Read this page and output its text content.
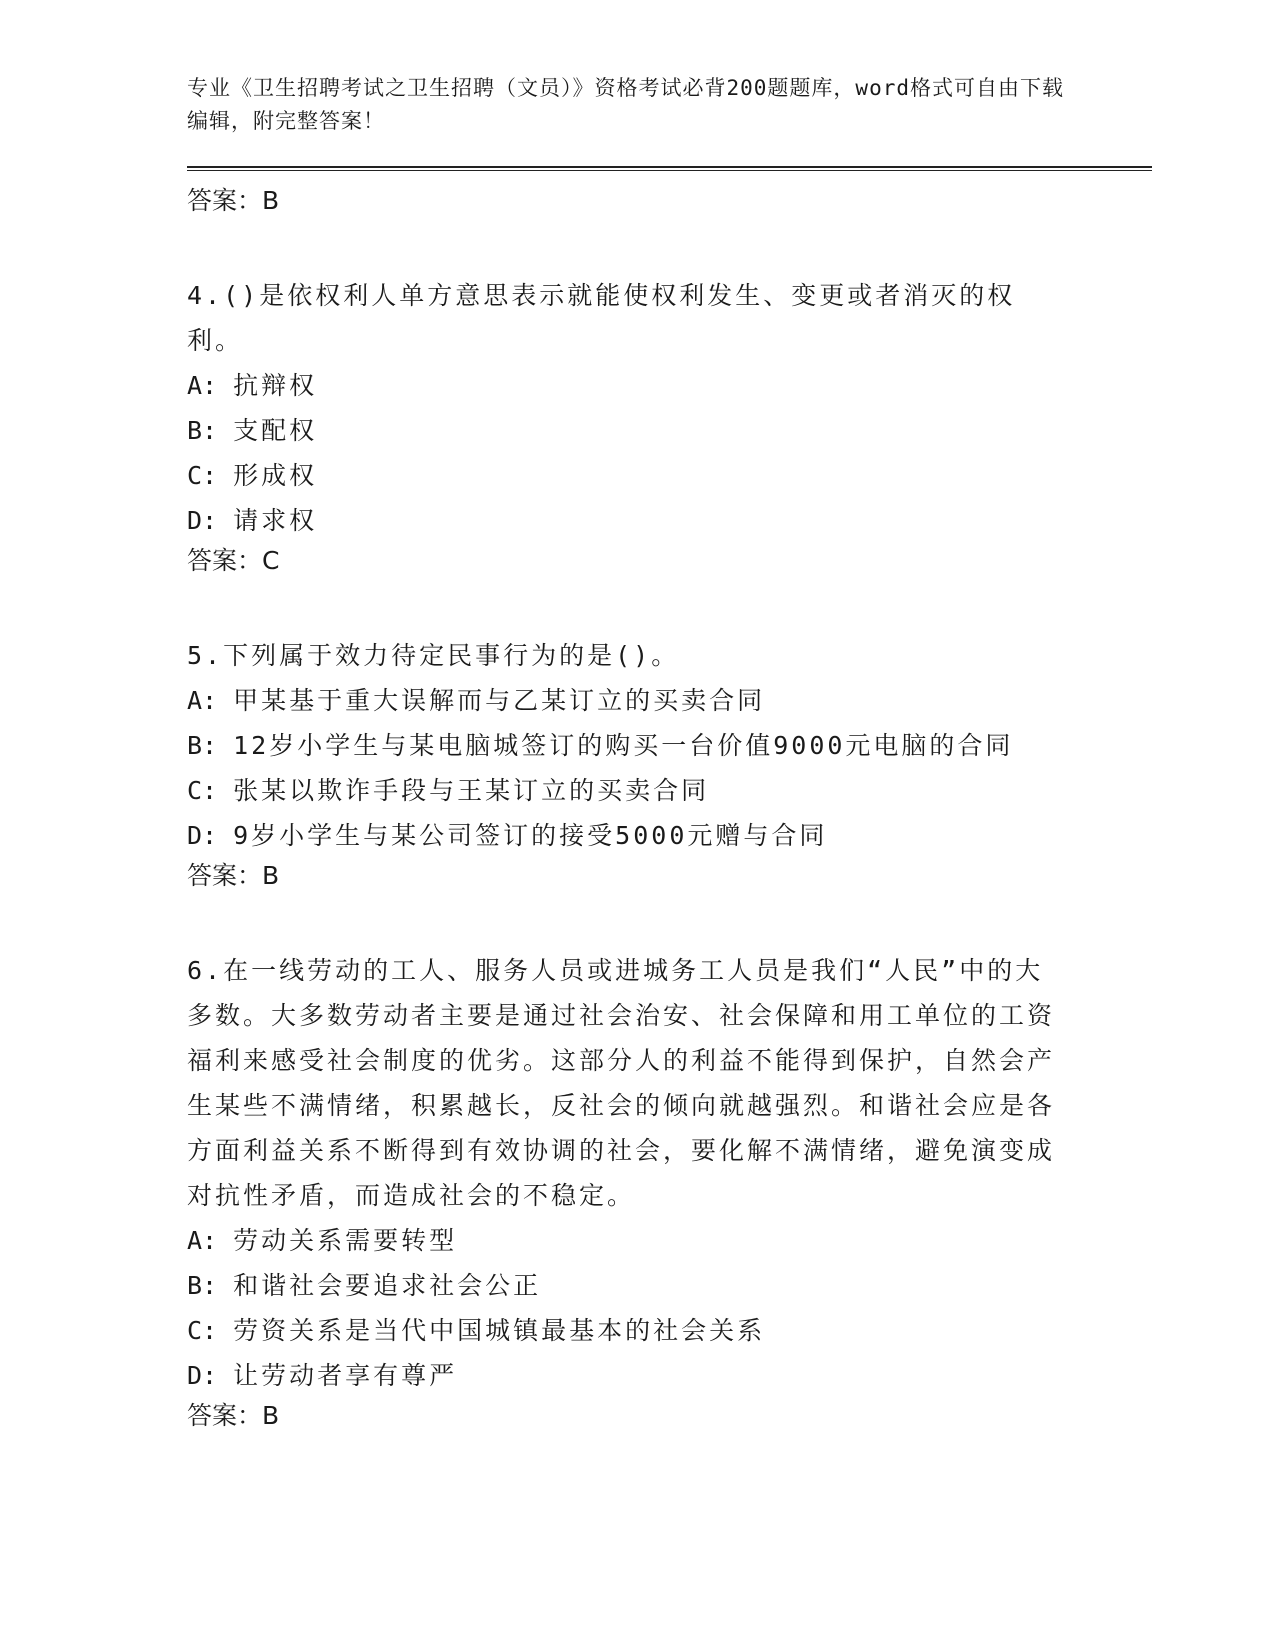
专业《卫生招聘考试之卫生招聘（文员）》资格考试必背200题题库，word格式可自由下载编辑，附完整答案！
答案：B
4.()是依权利人单方意思表示就能使权利发生、变更或者消灭的权利。
A: 抗辩权
B: 支配权
C: 形成权
D: 请求权
答案：C
5.下列属于效力待定民事行为的是()。
A: 甲某基于重大误解而与乙某订立的买卖合同
B: 12岁小学生与某电脑城签订的购买一台价值9000元电脑的合同
C: 张某以欺诈手段与王某订立的买卖合同
D: 9岁小学生与某公司签订的接受5000元赠与合同
答案：B
6.在一线劳动的工人、服务人员或进城务工人员是我们“人民”中的大多数。大多数劳动者主要是通过社会治安、社会保障和用工单位的工资福利来感受社会制度的优劣。这部分人的利益不能得到保护，自然会产生某些不满情绪，积累越长，反社会的倾向就越强烈。和谐社会应是各方面利益关系不断得到有效协调的社会，要化解不满情绪，避免演变成对抗性矛盾，而造成社会的不稳定。
A: 劳动关系需要转型
B: 和谐社会要追求社会公正
C: 劳资关系是当代中国城镇最基本的社会关系
D: 让劳动者享有尊严
答案：B
